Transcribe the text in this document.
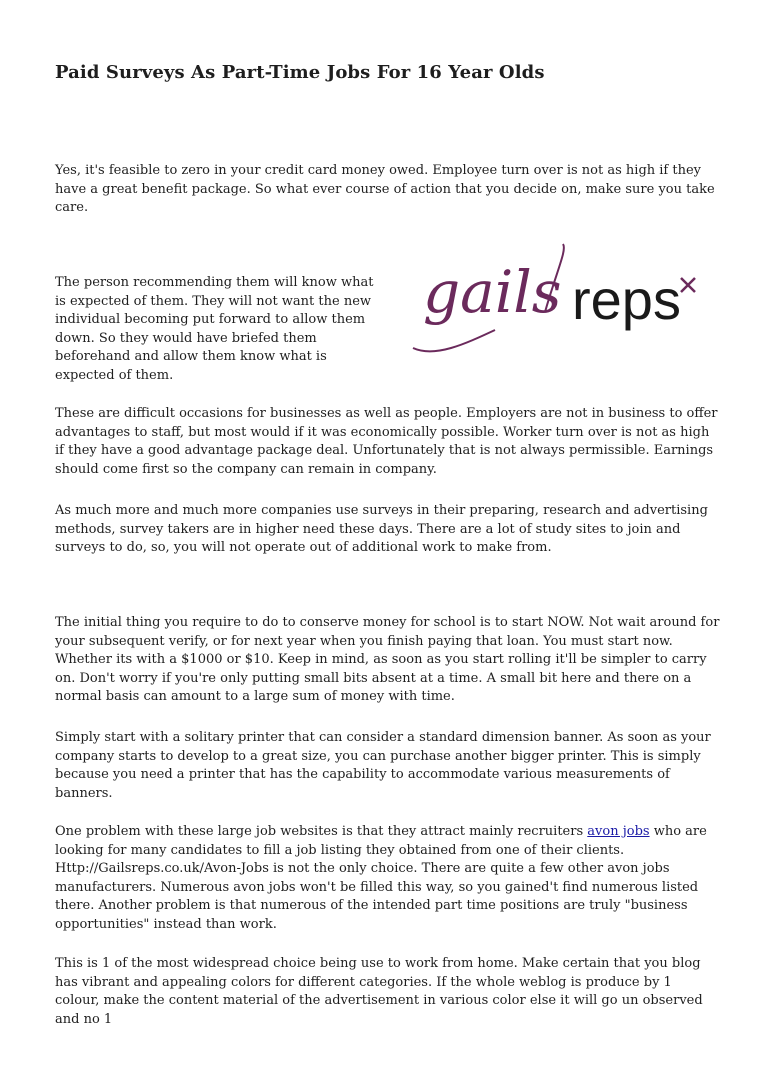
Paid Surveys As Part-Time Jobs For 16 Year Olds

Yes, it's feasible to zero in your credit card money owed. Employee turn over is not as high if they have a great benefit package. So what ever course of action that you decide on, make sure you take care.

The person recommending them will know what is expected of them. They will not want the new individual becoming put forward to allow them down. So they would have briefed them beforehand and allow them know what is expected of them.

These are difficult occasions for businesses as well as people. Employers are not in business to offer advantages to staff, but most would if it was economically possible. Worker turn over is not as high if they have a good advantage package deal. Unfortunately that is not always permissible. Earnings should come first so the company can remain in company.

As much more and much more companies use surveys in their preparing, research and advertising methods, survey takers are in higher need these days. There are a lot of study sites to join and surveys to do, so, you will not operate out of additional work to make from.

The initial thing you require to do to conserve money for school is to start NOW. Not wait around for your subsequent verify, or for next year when you finish paying that loan. You must start now. Whether its with a $1000 or $10. Keep in mind, as soon as you start rolling it'll be simpler to carry on. Don't worry if you're only putting small bits absent at a time. A small bit here and there on a normal basis can amount to a large sum of money with time.

Simply start with a solitary printer that can consider a standard dimension banner. As soon as your company starts to develop to a great size, you can purchase another bigger printer. This is simply because you need a printer that has the capability to accommodate various measurements of banners.

One problem with these large job websites is that they attract mainly recruiters avon jobs who are looking for many candidates to fill a job listing they obtained from one of their clients. Http://Gailsreps.co.uk/Avon-Jobs is not the only choice. There are quite a few other avon jobs manufacturers. Numerous avon jobs won't be filled this way, so you gained't find numerous listed there. Another problem is that numerous of the intended part time positions are truly "business opportunities" instead than work.

This is 1 of the most widespread choice being use to work from home. Make certain that you blog has vibrant and appealing colors for different categories. If the whole weblog is produce by 1 colour, make the content material of the advertisement in various color else it will go un observed and no 1

gails reps
